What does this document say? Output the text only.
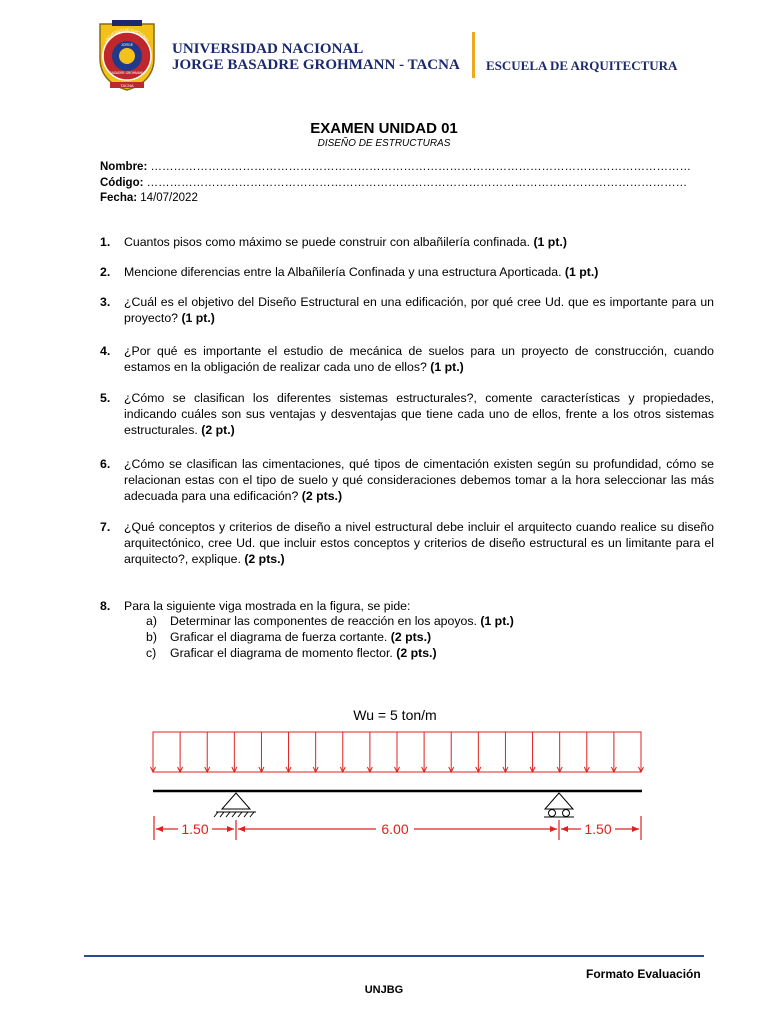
UNIVERSIDAD NACIONAL
JORGE
BASADRE GROHMANN
TACNA
UNIVERSIDAD NACIONAL
JORGE BASADRE GROHMANN - TACNA ESCUELA DE ARQUITECTURA
EXAMEN UNIDAD 01
DISEÑO DE ESTRUCTURAS
Nombre: ……………………………………………………………………………………………………………………………
Código: ……………………………………………………………………………………………………………………………
Fecha: 14/07/2022
1. Cuantos pisos como máximo se puede construir con albañilería confinada. (1 pt.)
2. Mencione diferencias entre la Albañilería Confinada y una estructura Aporticada. (1 pt.)
3. ¿Cuál es el objetivo del Diseño Estructural en una edificación, por qué cree Ud. que es importante para un proyecto? (1 pt.)
4. ¿Por qué es importante el estudio de mecánica de suelos para un proyecto de construcción, cuando estamos en la obligación de realizar cada uno de ellos? (1 pt.)
5. ¿Cómo se clasifican los diferentes sistemas estructurales?, comente características y propiedades, indicando cuáles son sus ventajas y desventajas que tiene cada uno de ellos, frente a los otros sistemas estructurales. (2 pt.)
6. ¿Cómo se clasifican las cimentaciones, qué tipos de cimentación existen según su profundidad, cómo se relacionan estas con el tipo de suelo y qué consideraciones debemos tomar a la hora seleccionar las más adecuada para una edificación? (2 pts.)
7. ¿Qué conceptos y criterios de diseño a nivel estructural debe incluir el arquitecto cuando realice su diseño arquitectónico, cree Ud. que incluir estos conceptos y criterios de diseño estructural es un limitante para el arquitecto?, explique. (2 pts.)
8. Para la siguiente viga mostrada en la figura, se pide:
a) Determinar las componentes de reacción en los apoyos. (1 pt.)
b) Graficar el diagrama de fuerza cortante. (2 pts.)
c) Graficar el diagrama de momento flector. (2 pts.)
Wu = 5 ton/m
1.50	6.00	1.50
Formato Evaluación
UNJBG
